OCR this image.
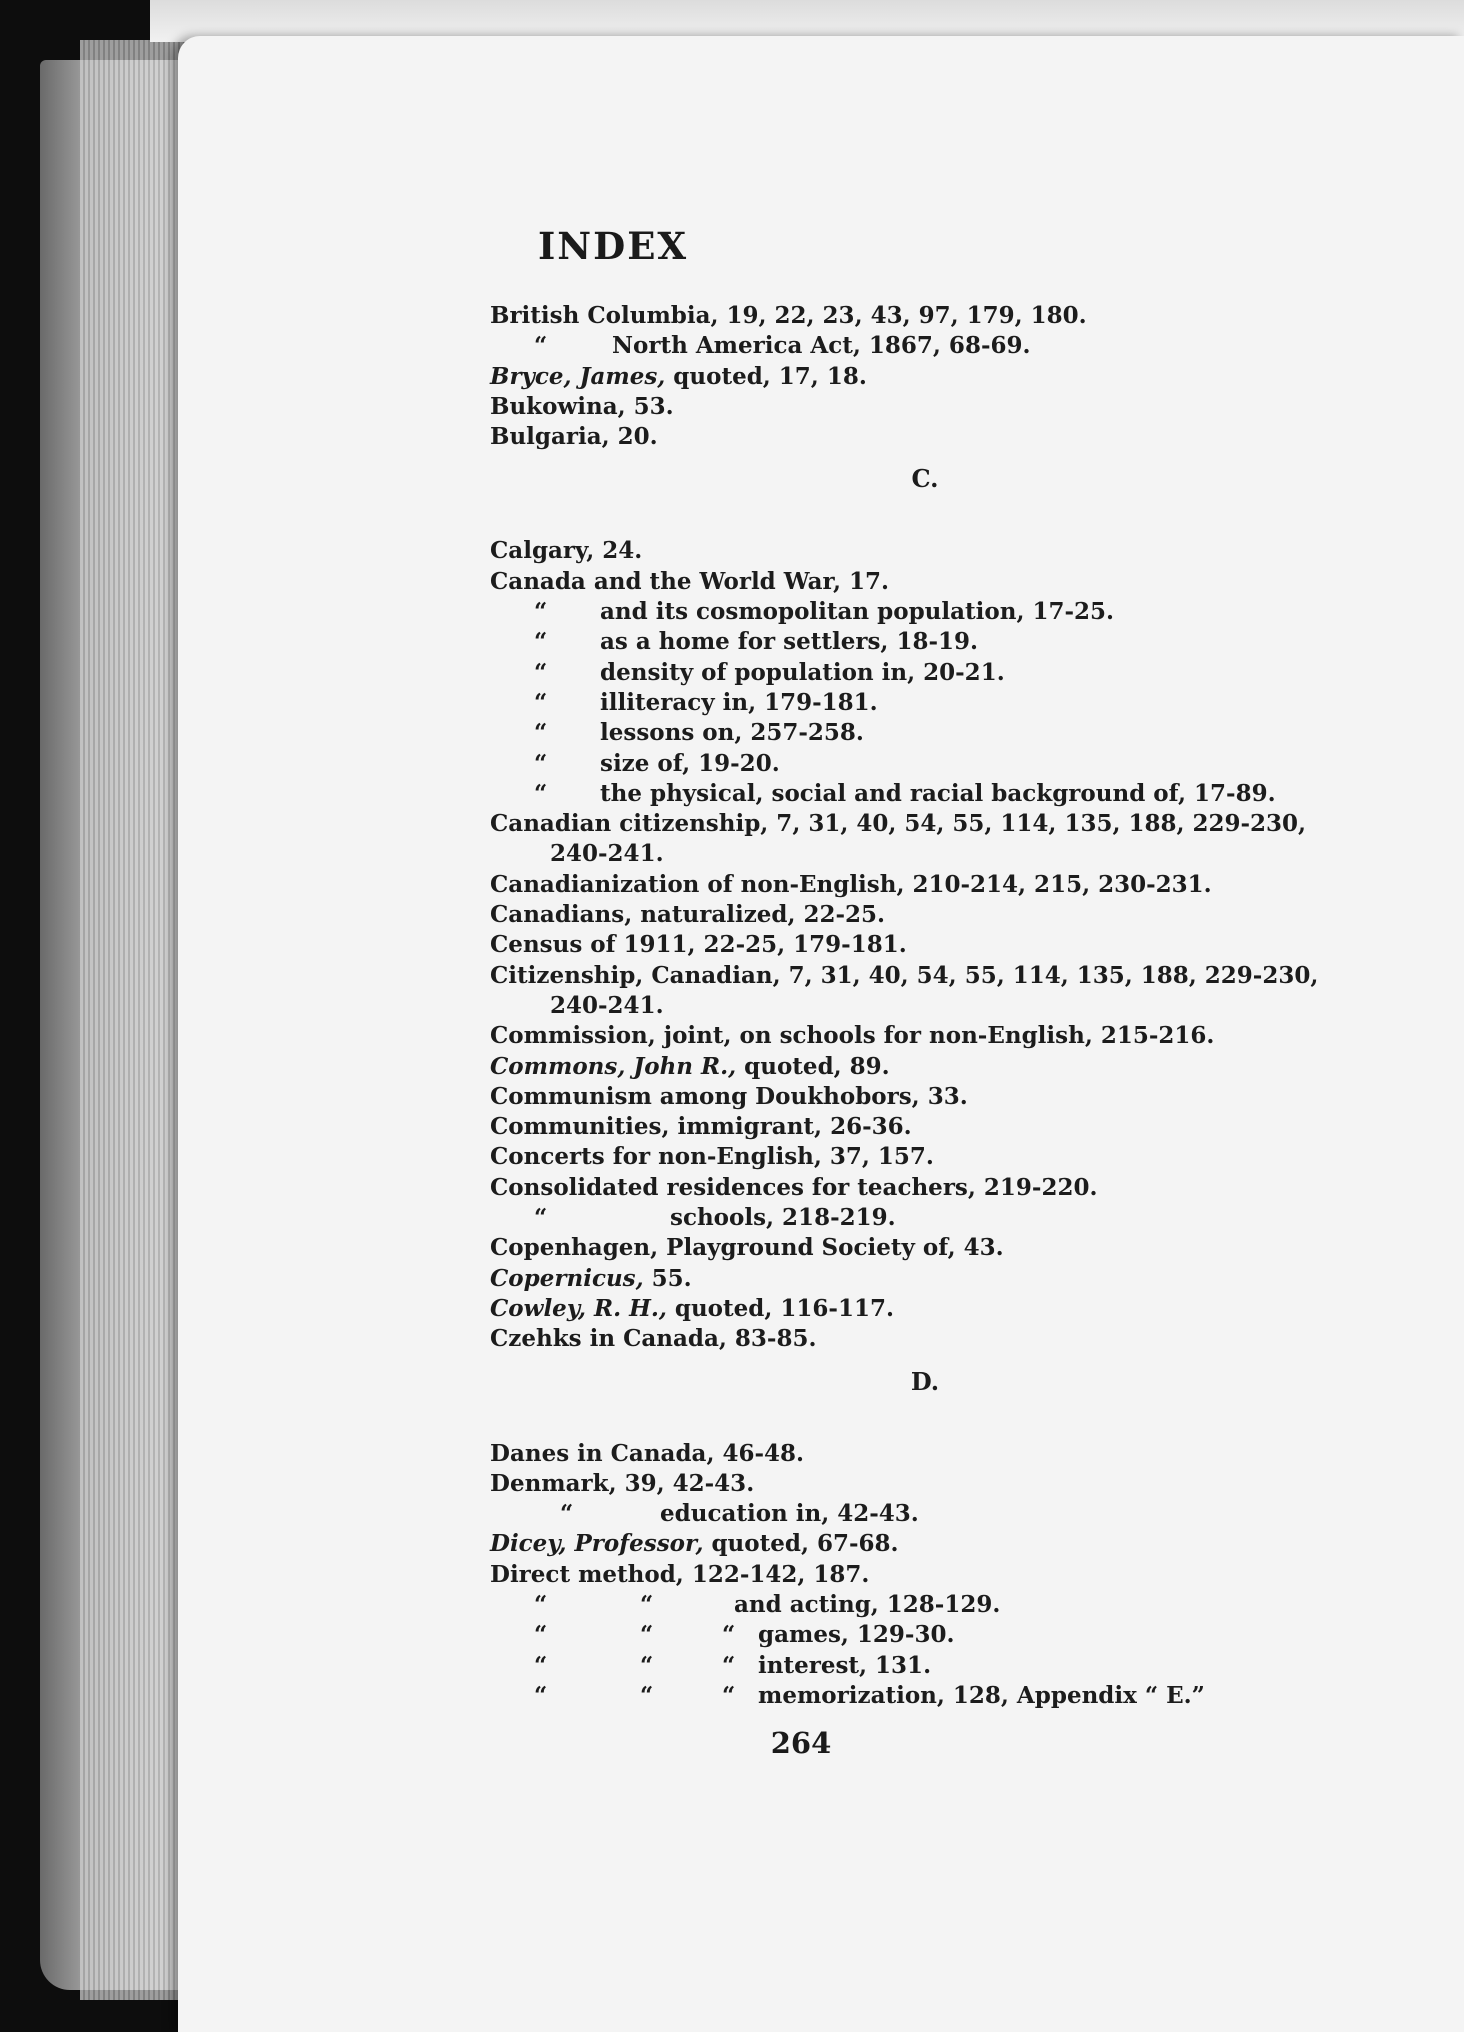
INDEX
British Columbia, 19, 22, 23, 43, 97, 179, 180.
“	North America Act, 1867, 68-69.
Bryce, James, quoted, 17, 18.
Bukowina, 53.
Bulgaria, 20.
C.
Calgary, 24.
Canada and the World War, 17.
“ and its cosmopolitan population, 17-25.
“ as a home for settlers, 18-19.
“ density of population in, 20-21.
“ illiteracy in, 179-181.
“ lessons on, 257-258.
“ size of, 19-20.
“ the physical, social and racial background of, 17-89.
Canadian citizenship, 7, 31, 40, 54, 55, 114, 135, 188, 229-230,
240-241.
Canadianization of non-English, 210-214, 215, 230-231.
Canadians, naturalized, 22-25.
Census of 1911, 22-25, 179-181.
Citizenship, Canadian, 7, 31, 40, 54, 55, 114, 135, 188, 229-230,
240-241.
Commission, joint, on schools for non-English, 215-216.
Commons, John R., quoted, 89.
Communism among Doukhobors, 33.
Communities, immigrant, 26-36.
Concerts for non-English, 37, 157.
Consolidated residences for teachers, 219-220.
“	schools, 218-219.
Copenhagen, Playground Society of, 43.
Copernicus, 55.
Cowley, R. H., quoted, 116-117.
Czehks in Canada, 83-85.
D.
Danes in Canada, 46-48.
Denmark, 39, 42-43.
“	education in, 42-43.
Dicey, Professor, quoted, 67-68.
Direct method, 122-142, 187.
“	“	and acting, 128-129.
“	“	“ games, 129-30.
“	“	“ interest, 131.
“	“	“ memorization, 128, Appendix “ E.”
264
